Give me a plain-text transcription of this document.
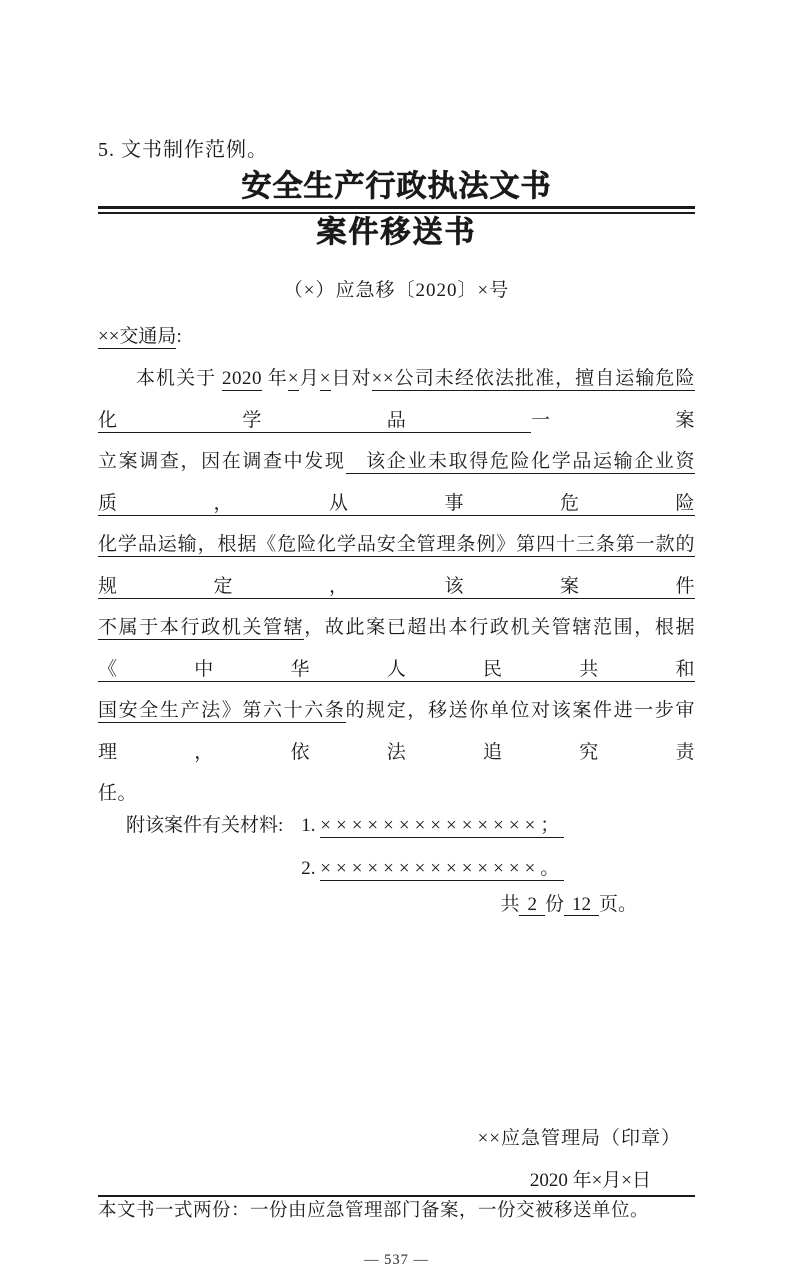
5. 文书制作范例。
安全生产行政执法文书
案件移送书
（×）应急移〔2020〕×号
××交通局:
本机关于 2020 年×月×日对××公司未经依法批准，擅自运输危险化学品一案
立案调查，因在调查中发现　该企业未取得危险化学品运输企业资质，从事危险
化学品运输，根据《危险化学品安全管理条例》第四十三条第一款的规定，该案件
不属于本行政机关管辖，故此案已超出本行政机关管辖范围，根据《中华人民共和
国安全生产法》第六十六条的规定，移送你单位对该案件进一步审理，依法追究责
任。
附该案件有关材料: 1. ××××××××××××××；
2. ××××××××××××××。
共 2 份 12 页。
××应急管理局（印章）
2020 年×月×日
本文书一式两份：一份由应急管理部门备案，一份交被移送单位。
— 537 —
